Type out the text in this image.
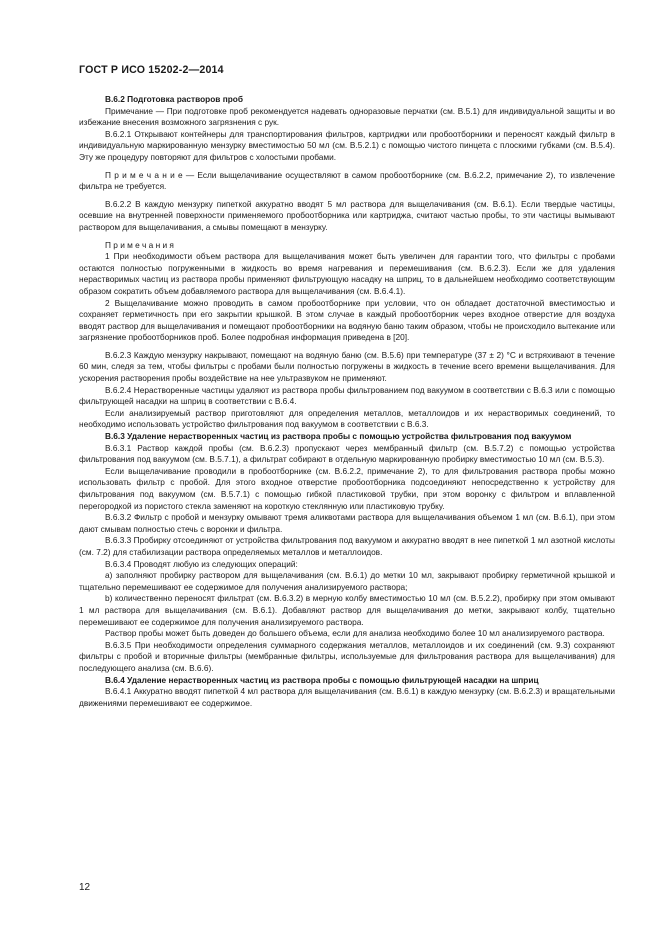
ГОСТ Р ИСО 15202-2—2014
В.6.2 Подготовка растворов проб
Примечание — При подготовке проб рекомендуется надевать одноразовые перчатки (см. В.5.1) для индивидуальной защиты и во избежание внесения возможного загрязнения с рук.
В.6.2.1 Открывают контейнеры для транспортирования фильтров, картриджи или пробоотборники и переносят каждый фильтр в индивидуальную маркированную мензурку вместимостью 50 мл (см. В.5.2.1) с помощью чистого пинцета с плоскими губками (см. В.5.4). Эту же процедуру повторяют для фильтров с холостыми пробами.
П р и м е ч а н и е — Если выщелачивание осуществляют в самом пробоотборнике (см. В.6.2.2, примечание 2), то извлечение фильтра не требуется.
В.6.2.2 В каждую мензурку пипеткой аккуратно вводят 5 мл раствора для выщелачивания (см. В.6.1). Если твердые частицы, осевшие на внутренней поверхности применяемого пробоотборника или картриджа, считают частью пробы, то эти частицы вымывают раствором для выщелачивания, а смывы помещают в мензурку.
П р и м е ч а н и я
1 При необходимости объем раствора для выщелачивания может быть увеличен для гарантии того, что фильтры с пробами остаются полностью погруженными в жидкость во время нагревания и перемешивания (см. В.6.2.3). Если же для удаления нерастворимых частиц из раствора пробы применяют фильтрующую насадку на шприц, то в дальнейшем необходимо соответствующим образом сократить объем добавляемого раствора для выщелачивания (см. В.6.4.1).
2 Выщелачивание можно проводить в самом пробоотборнике при условии, что он обладает достаточной вместимостью и сохраняет герметичность при его закрытии крышкой. В этом случае в каждый пробоотборник через входное отверстие для воздуха вводят раствор для выщелачивания и помещают пробоотборники на водяную баню таким образом, чтобы не происходило вытекание или загрязнение пробоотборников проб. Более подробная информация приведена в [20].
В.6.2.3 Каждую мензурку накрывают, помещают на водяную баню (см. В.5.6) при температуре (37 ± 2) °С и встряхивают в течение 60 мин, следя за тем, чтобы фильтры с пробами были полностью погружены в жидкость в течение всего времени выщелачивания. Для ускорения растворения пробы воздействие на нее ультразвуком не применяют.
В.6.2.4 Нерастворенные частицы удаляют из раствора пробы фильтрованием под вакуумом в соответствии с В.6.3 или с помощью фильтрующей насадки на шприц в соответствии с В.6.4.
Если анализируемый раствор приготовляют для определения металлов, металлоидов и их нерастворимых соединений, то необходимо использовать устройство фильтрования под вакуумом в соответствии с В.6.3.
В.6.3 Удаление нерастворенных частиц из раствора пробы с помощью устройства фильтрования под вакуумом
В.6.3.1 Раствор каждой пробы (см. В.6.2.3) пропускают через мембранный фильтр (см. В.5.7.2) с помощью устройства фильтрования под вакуумом (см. В.5.7.1), а фильтрат собирают в отдельную маркированную пробирку вместимостью 10 мл (см. В.5.3).
Если выщелачивание проводили в пробоотборнике (см. В.6.2.2, примечание 2), то для фильтрования раствора пробы можно использовать фильтр с пробой. Для этого входное отверстие пробоотборника подсоединяют непосредственно к устройству для фильтрования под вакуумом (см. В.5.7.1) с помощью гибкой пластиковой трубки, при этом воронку с фильтром и вплавленной перегородкой из пористого стекла заменяют на короткую стеклянную или пластиковую трубку.
В.6.3.2 Фильтр с пробой и мензурку омывают тремя аликвотами раствора для выщелачивания объемом 1 мл (см. В.6.1), при этом дают смывам полностью стечь с воронки и фильтра.
В.6.3.3 Пробирку отсоединяют от устройства фильтрования под вакуумом и аккуратно вводят в нее пипеткой 1 мл азотной кислоты (см. 7.2) для стабилизации раствора определяемых металлов и металлоидов.
В.6.3.4 Проводят любую из следующих операций:
а) заполняют пробирку раствором для выщелачивания (см. В.6.1) до метки 10 мл, закрывают пробирку герметичной крышкой и тщательно перемешивают ее содержимое для получения анализируемого раствора;
b) количественно переносят фильтрат (см. В.6.3.2) в мерную колбу вместимостью 10 мл (см. В.5.2.2), пробирку при этом омывают 1 мл раствора для выщелачивания (см. В.6.1). Добавляют раствор для выщелачивания до метки, закрывают колбу, тщательно перемешивают ее содержимое для получения анализируемого раствора.
Раствор пробы может быть доведен до большего объема, если для анализа необходимо более 10 мл анализируемого раствора.
В.6.3.5 При необходимости определения суммарного содержания металлов, металлоидов и их соединений (см. 9.3) сохраняют фильтры с пробой и вторичные фильтры (мембранные фильтры, используемые для фильтрования раствора для выщелачивания) для последующего анализа (см. В.6.6).
В.6.4 Удаление нерастворенных частиц из раствора пробы с помощью фильтрующей насадки на шприц
В.6.4.1 Аккуратно вводят пипеткой 4 мл раствора для выщелачивания (см. В.6.1) в каждую мензурку (см. В.6.2.3) и вращательными движениями перемешивают ее содержимое.
12
